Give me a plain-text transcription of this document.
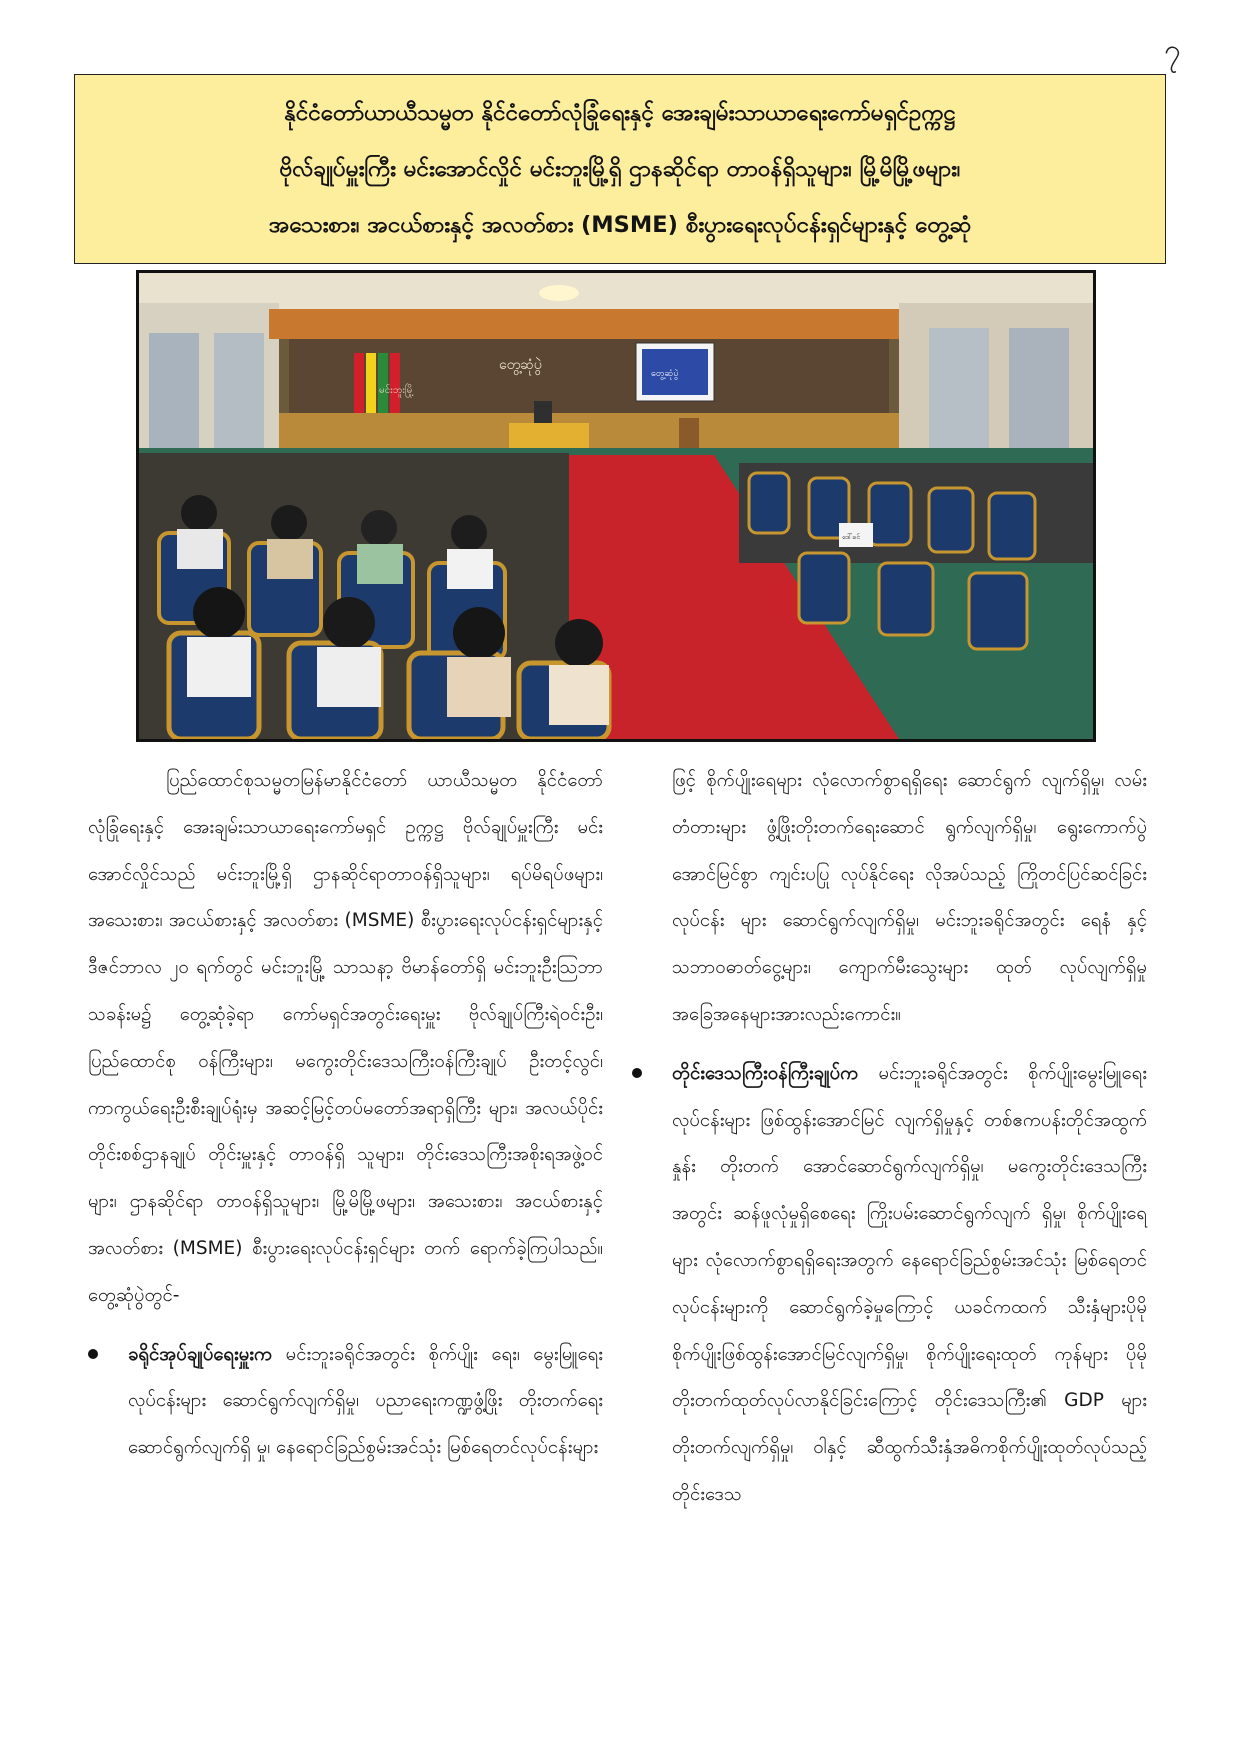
၇
နိုင်ငံတော်ယာယီသမ္မတ နိုင်ငံတော်လုံခြုံရေးနှင့် အေးချမ်းသာယာရေးကော်မရှင်ဥက္ကဋ္ဌ
ဗိုလ်ချုပ်မှူးကြီး မင်းအောင်လှိုင် မင်းဘူးမြို့ရှိ ဌာနဆိုင်ရာ တာဝန်ရှိသူများ၊ မြို့မိမြို့ဖများ၊
အသေးစား၊ အငယ်စားနှင့် အလတ်စား (MSME) စီးပွားရေးလုပ်ငန်းရှင်များနှင့် တွေ့ဆုံ
တွေ့ဆုံပွဲ
မင်းဘူးမြို့
တွေ့ဆုံပွဲ
ဒေါ်ခင်

ပြည်ထောင်စုသမ္မတမြန်မာနိုင်ငံတော် ယာယီသမ္မတ နိုင်ငံတော်လုံခြုံရေးနှင့် အေးချမ်းသာယာရေးကော်မရှင် ဥက္ကဋ္ဌ ဗိုလ်ချုပ်မှူးကြီး မင်းအောင်လှိုင်သည် မင်းဘူးမြို့ရှိ ဌာနဆိုင်ရာတာဝန်ရှိသူများ၊ ရပ်မိရပ်ဖများ၊ အသေးစား၊ အငယ်စားနှင့် အလတ်စား (MSME) စီးပွားရေးလုပ်ငန်းရှင်များနှင့် ဒီဇင်ဘာလ ၂၀ ရက်တွင် မင်းဘူးမြို့ သာသနာ့ ဗိမာန်တော်ရှိ မင်းဘူးဦးသြဘာသခန်းမ၌ တွေ့ဆုံခဲ့ရာ ကော်မရှင်အတွင်းရေးမှူး ဗိုလ်ချုပ်ကြီးရဲဝင်းဦး၊ ပြည်ထောင်စု ဝန်ကြီးများ၊ မကွေးတိုင်းဒေသကြီးဝန်ကြီးချုပ် ဦးတင့်လွင်၊ ကာကွယ်ရေးဦးစီးချုပ်ရုံးမှ အဆင့်မြင့်တပ်မတော်အရာရှိကြီး များ၊ အလယ်ပိုင်းတိုင်းစစ်ဌာနချုပ် တိုင်းမှူးနှင့် တာဝန်ရှိ သူများ၊ တိုင်းဒေသကြီးအစိုးရအဖွဲ့ဝင်များ၊ ဌာနဆိုင်ရာ တာဝန်ရှိသူများ၊ မြို့မိမြို့ဖများ၊ အသေးစား၊ အငယ်စားနှင့် အလတ်စား (MSME) စီးပွားရေးလုပ်ငန်းရှင်များ တက် ရောက်ခဲ့ကြပါသည်။ တွေ့ဆုံပွဲတွင်-

ခရိုင်အုပ်ချုပ်ရေးမှူးက မင်းဘူးခရိုင်အတွင်း စိုက်ပျိုး ရေး၊ မွေးမြူရေးလုပ်ငန်းများ ဆောင်ရွက်လျက်ရှိမှု၊ ပညာရေးကဏ္ဍဖွံ့ဖြိုး တိုးတက်ရေးဆောင်ရွက်လျက်ရှိ မှု၊ နေရောင်ခြည်စွမ်းအင်သုံး မြစ်ရေတင်လုပ်ငန်းများ

ဖြင့် စိုက်ပျိုးရေများ လုံလောက်စွာရရှိရေး ဆောင်ရွက် လျက်ရှိမှု၊ လမ်းတံတားများ ဖွံ့ဖြိုးတိုးတက်ရေးဆောင် ရွက်လျက်ရှိမှု၊ ရွေးကောက်ပွဲအောင်မြင်စွာ ကျင်းပပြု လုပ်နိုင်ရေး လိုအပ်သည့် ကြိုတင်ပြင်ဆင်ခြင်းလုပ်ငန်း များ ဆောင်ရွက်လျက်ရှိမှု၊ မင်းဘူးခရိုင်အတွင်း ရေနံ နှင့်သဘာဝဓာတ်ငွေ့များ၊ ကျောက်မီးသွေးများ ထုတ် လုပ်လျက်ရှိမှုအခြေအနေများအားလည်းကောင်း။

တိုင်းဒေသကြီးဝန်ကြီးချုပ်က မင်းဘူးခရိုင်အတွင်း စိုက်ပျိုးမွေးမြူရေးလုပ်ငန်းများ ဖြစ်ထွန်းအောင်မြင် လျက်ရှိမှုနှင့် တစ်ဧကပန်းတိုင်အထွက်နှုန်း တိုးတက် အောင်ဆောင်ရွက်လျက်ရှိမှု၊ မကွေးတိုင်းဒေသကြီး အတွင်း ဆန်ဖူလုံမှုရှိစေရေး ကြိုးပမ်းဆောင်ရွက်လျက် ရှိမှု၊ စိုက်ပျိုးရေများ လုံလောက်စွာရရှိရေးအတွက် နေရောင်ခြည်စွမ်းအင်သုံး မြစ်ရေတင်လုပ်ငန်းများကို ဆောင်ရွက်ခဲ့မှုကြောင့် ယခင်ကထက် သီးနှံများပိုမို စိုက်ပျိုးဖြစ်ထွန်းအောင်မြင်လျက်ရှိမှု၊ စိုက်ပျိုးရေးထုတ် ကုန်များ ပိုမိုတိုးတက်ထုတ်လုပ်လာနိုင်ခြင်းကြောင့် တိုင်းဒေသကြီး၏ GDP များ တိုးတက်လျက်ရှိမှု၊ ဝါနှင့် ဆီထွက်သီးနှံအဓိကစိုက်ပျိုးထုတ်လုပ်သည့် တိုင်းဒေသ
